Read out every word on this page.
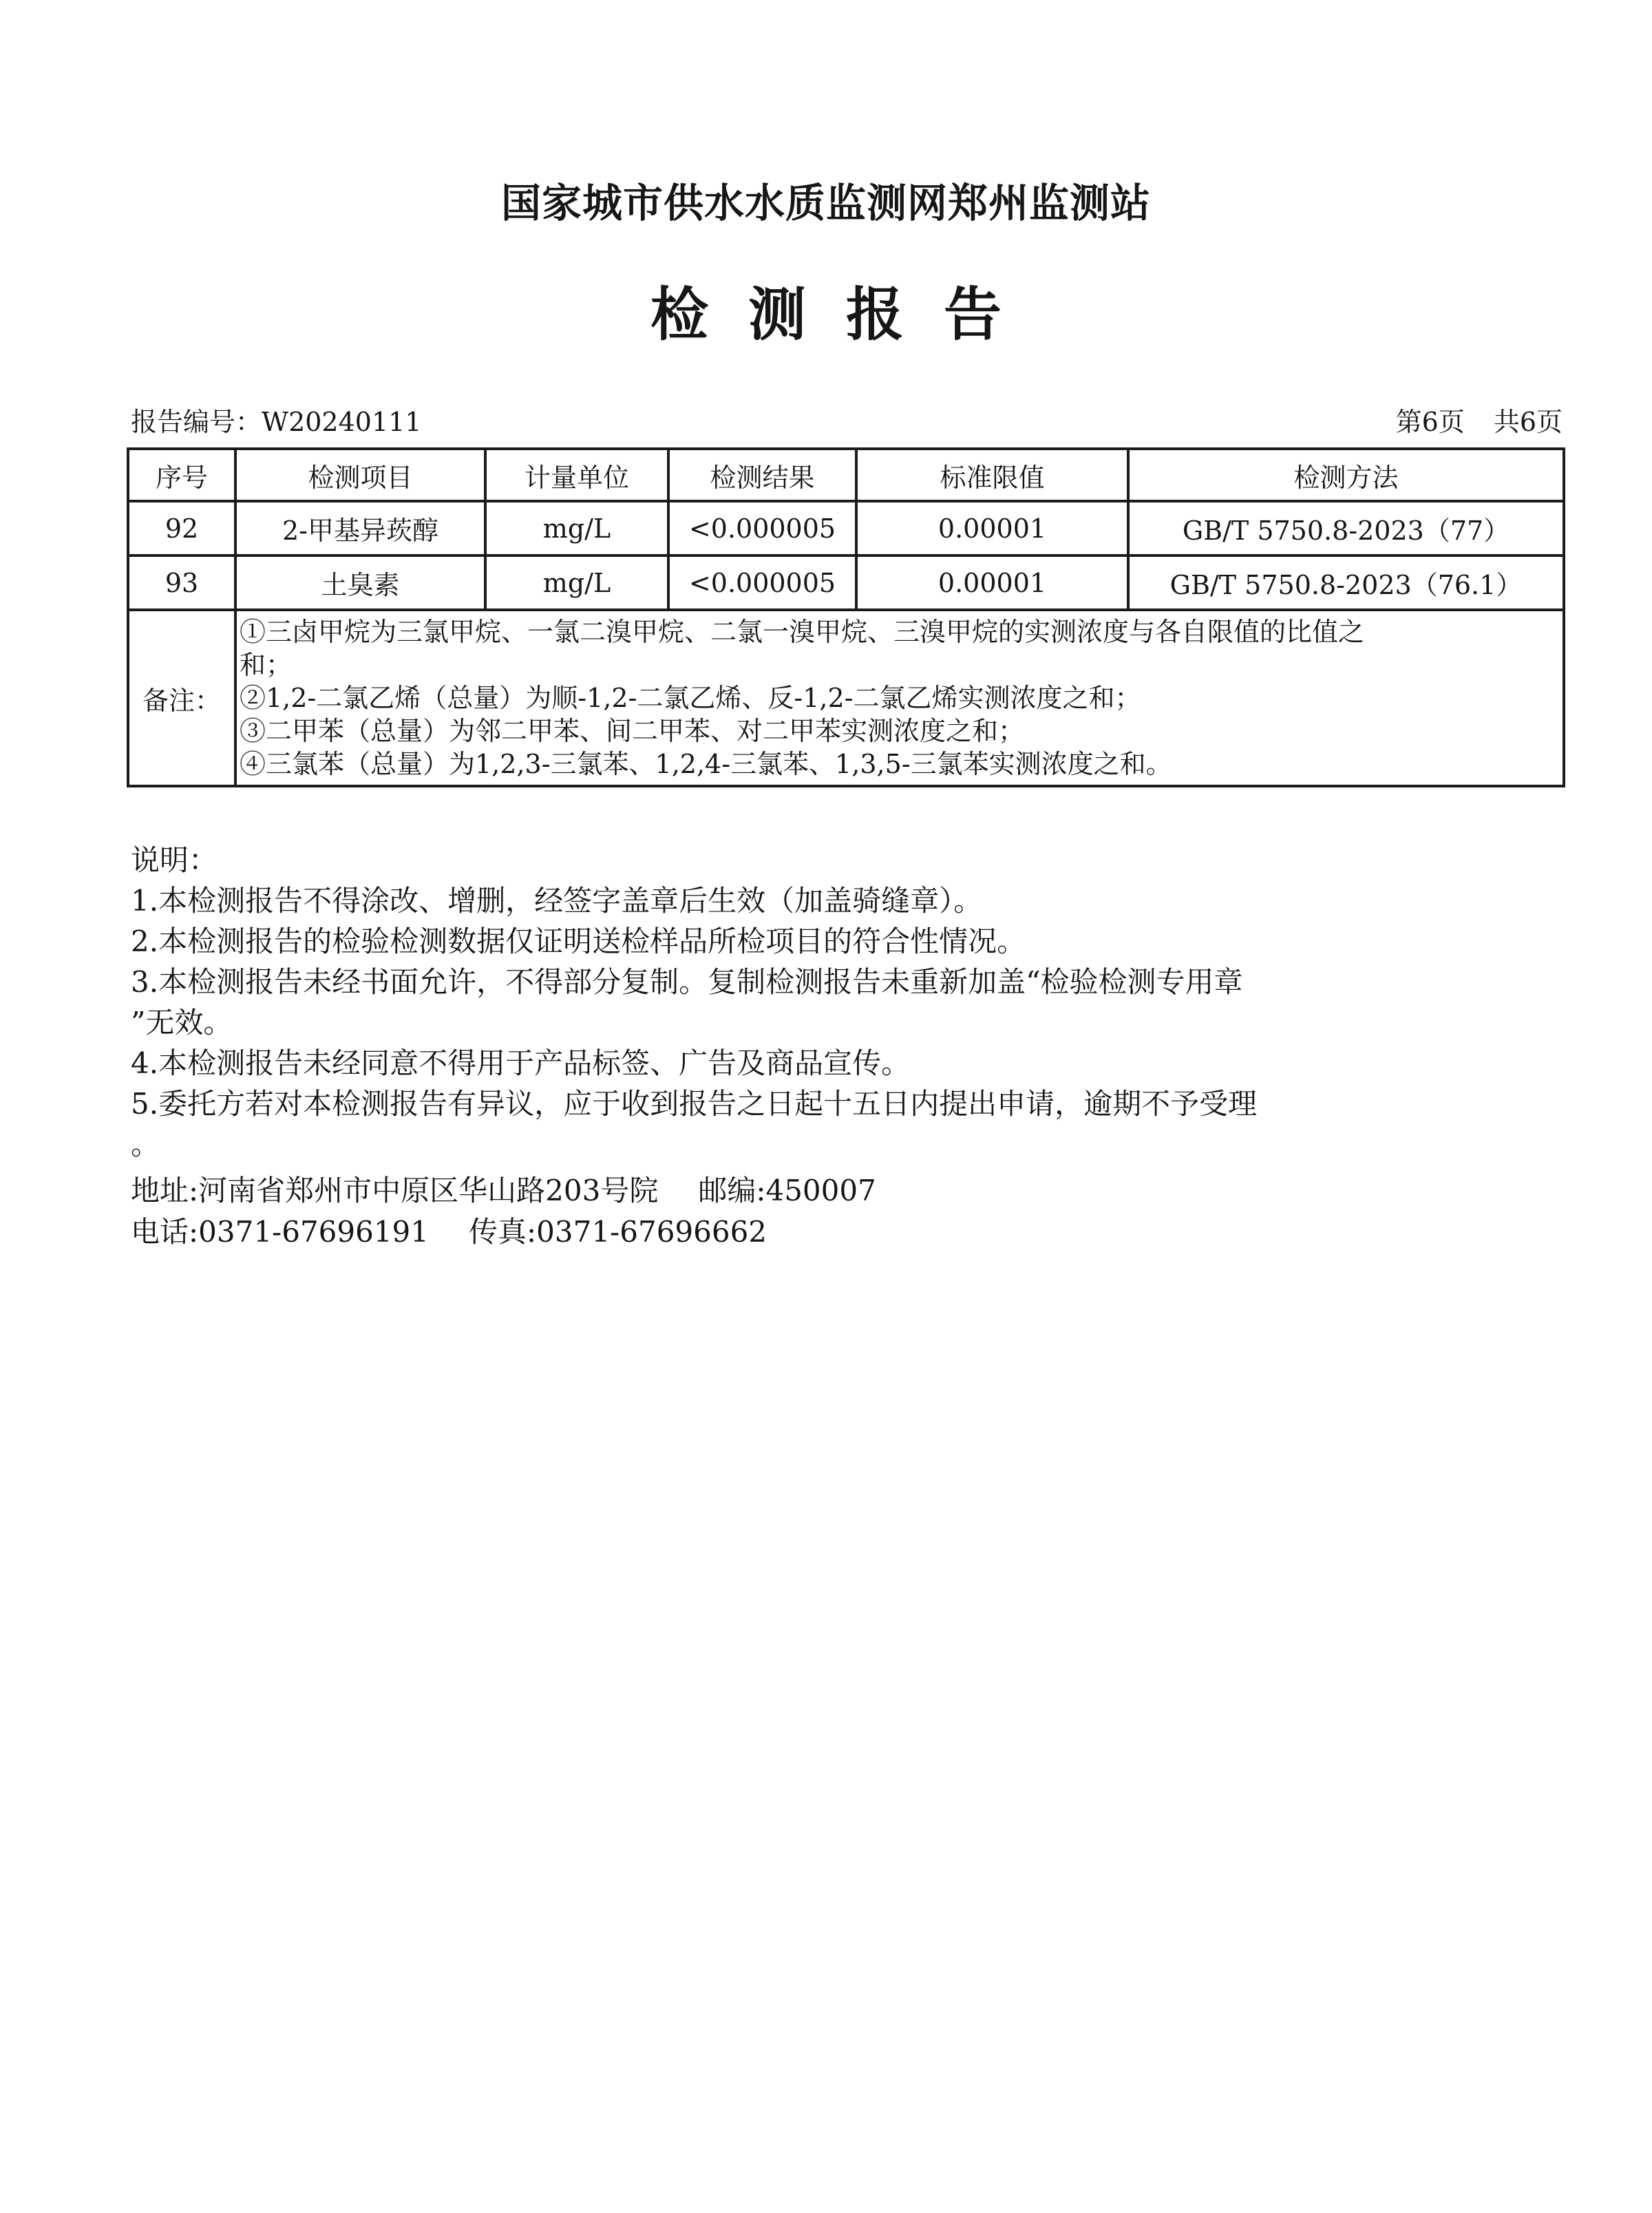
国家城市供水水质监测网郑州监测站
检测报告
报告编号：W20240111	第6页 共6页
序号	检测项目	计量单位	检测结果	标准限值	检测方法
92	2-甲基异莰醇	mg/L	<0.000005	0.00001	GB/T 5750.8-2023（77）
93	土臭素	mg/L	<0.000005	0.00001	GB/T 5750.8-2023（76.1）
备注：	①三卤甲烷为三氯甲烷、一氯二溴甲烷、二氯一溴甲烷、三溴甲烷的实测浓度与各自限值的比值之
和；
②1,2-二氯乙烯（总量）为顺-1,2-二氯乙烯、反-1,2-二氯乙烯实测浓度之和；
③二甲苯（总量）为邻二甲苯、间二甲苯、对二甲苯实测浓度之和；
④三氯苯（总量）为1,2,3-三氯苯、1,2,4-三氯苯、1,3,5-三氯苯实测浓度之和。				
说明：
1.本检测报告不得涂改、增删，经签字盖章后生效（加盖骑缝章）。
2.本检测报告的检验检测数据仅证明送检样品所检项目的符合性情况。
3.本检测报告未经书面允许，不得部分复制。复制检测报告未重新加盖“检验检测专用章
”无效。
4.本检测报告未经同意不得用于产品标签、广告及商品宣传。
5.委托方若对本检测报告有异议，应于收到报告之日起十五日内提出申请，逾期不予受理
。
地址:河南省郑州市中原区华山路203号院 邮编:450007
电话:0371-67696191 传真:0371-67696662
